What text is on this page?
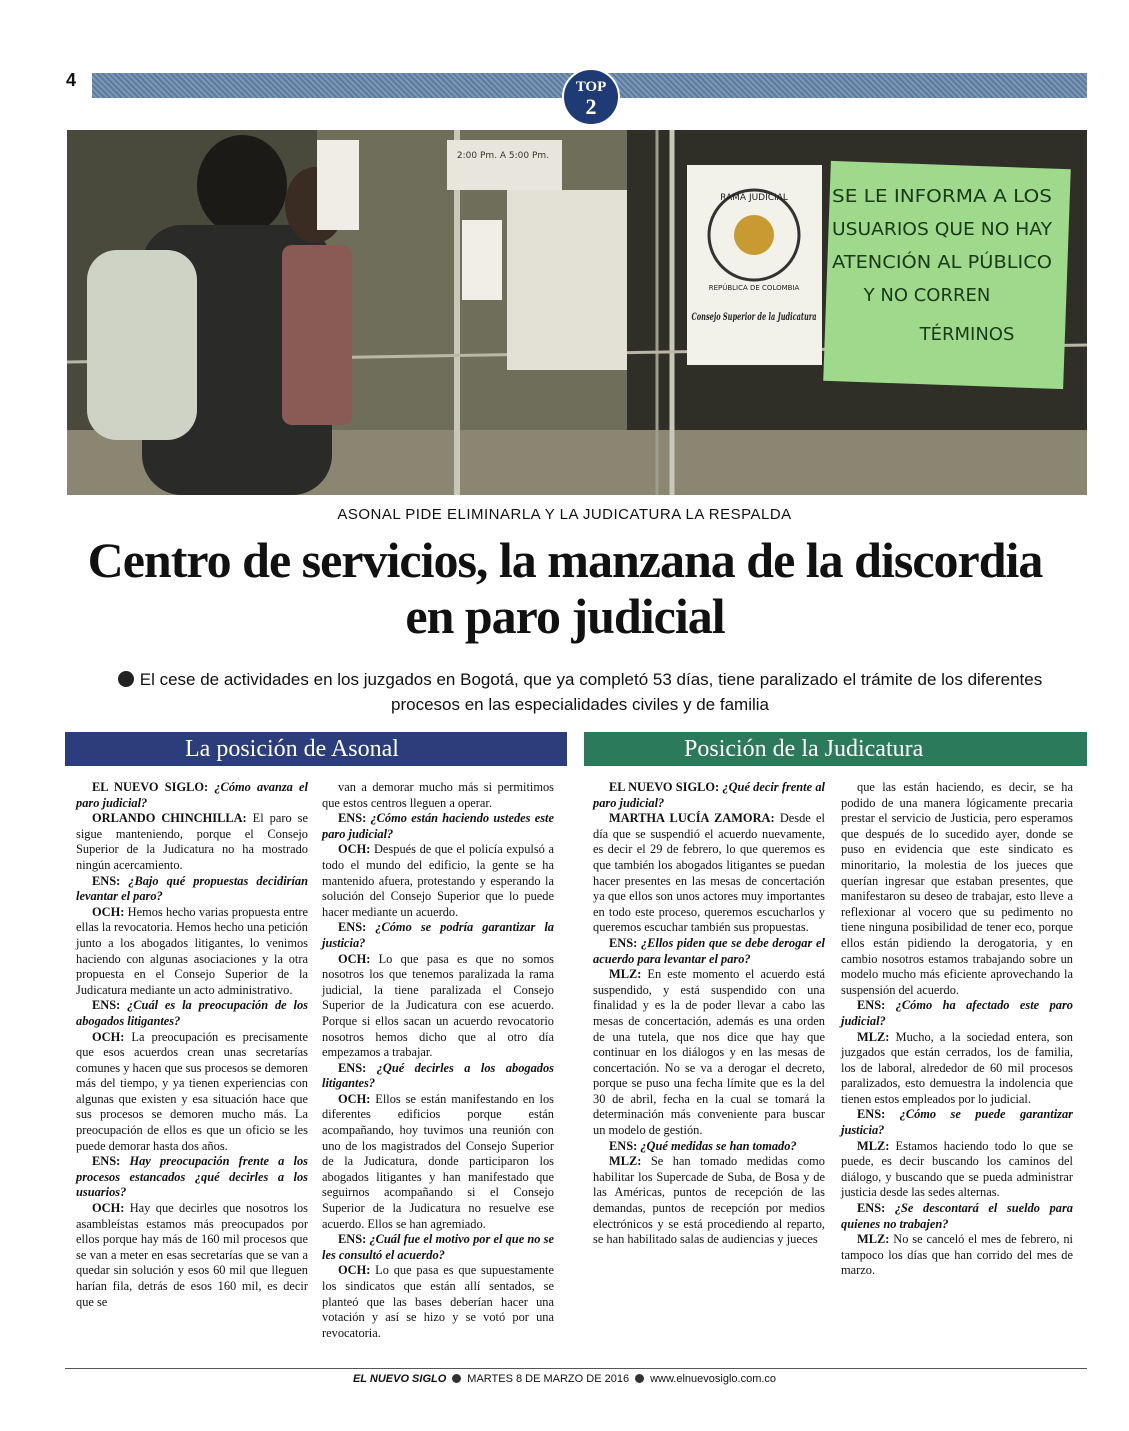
4	TOP
2
RAMA JUDICIAL
REPÚBLICA DE COLOMBIA
Consejo Superior de la Judicatura
SE LE INFORMA A LOS
USUARIOS QUE NO HAY
ATENCIÓN AL PÚBLICO
Y NO CORREN
TÉRMINOS
2:00 Pm. A 5:00 Pm.
ASONAL PIDE ELIMINARLA Y LA JUDICATURA LA RESPALDA
Centro de servicios, la manzana de la discordia en paro judicial
El cese de actividades en los juzgados en Bogotá, que ya completó 53 días, tiene paralizado el trámite de los diferentes procesos en las especialidades civiles y de familia
La posición de Asonal	Posición de la Judicatura

EL NUEVO SIGLO: ¿Cómo avanza el paro judicial?

ORLANDO CHINCHILLA: El paro se sigue manteniendo, porque el Consejo Superior de la Judicatura no ha mostrado ningún acercamiento.

ENS: ¿Bajo qué propuestas decidirían levantar el paro?

OCH: Hemos hecho varias propuesta entre ellas la revocatoria. Hemos hecho una petición junto a los abogados litigantes, lo venimos haciendo con algunas asociaciones y la otra propuesta en el Consejo Superior de la Judicatura mediante un acto administrativo.

ENS: ¿Cuál es la preocupación de los abogados litigantes?

OCH: La preocupación es precisamente que esos acuerdos crean unas secretarías comunes y hacen que sus procesos se demoren más del tiempo, y ya tienen experiencias con algunas que existen y esa situación hace que sus procesos se demoren mucho más. La preocupación de ellos es que un oficio se les puede demorar hasta dos años.

ENS: Hay preocupación frente a los procesos estancados ¿qué decirles a los usuarios?

OCH: Hay que decirles que nosotros los asambleístas estamos más preocupados por ellos porque hay más de 160 mil procesos que se van a meter en esas secretarías que se van a quedar sin solución y esos 60 mil que lleguen harían fila, detrás de esos 160 mil, es decir que se

van a demorar mucho más si permitimos que estos centros lleguen a operar.

ENS: ¿Cómo están haciendo ustedes este paro judicial?

OCH: Después de que el policía expulsó a todo el mundo del edificio, la gente se ha mantenido afuera, protestando y esperando la solución del Consejo Superior que lo puede hacer mediante un acuerdo.

ENS: ¿Cómo se podría garantizar la justicia?

OCH: Lo que pasa es que no somos nosotros los que tenemos paralizada la rama judicial, la tiene paralizada el Consejo Superior de la Judicatura con ese acuerdo. Porque si ellos sacan un acuerdo revocatorio nosotros hemos dicho que al otro día empezamos a trabajar.

ENS: ¿Qué decirles a los abogados litigantes?

OCH: Ellos se están manifestando en los diferentes edificios porque están acompañando, hoy tuvimos una reunión con uno de los magistrados del Consejo Superior de la Judicatura, donde participaron los abogados litigantes y han manifestado que seguirnos acompañando si el Consejo Superior de la Judicatura no resuelve ese acuerdo. Ellos se han agremiado.

ENS: ¿Cuál fue el motivo por el que no se les consultó el acuerdo?

OCH: Lo que pasa es que supuestamente los sindicatos que están allí sentados, se planteó que las bases deberían hacer una votación y así se hizo y se votó por una revocatoria.

EL NUEVO SIGLO: ¿Qué decir frente al paro judicial?

MARTHA LUCÍA ZAMORA: Desde el día que se suspendió el acuerdo nuevamente, es decir el 29 de febrero, lo que queremos es que también los abogados litigantes se puedan hacer presentes en las mesas de concertación ya que ellos son unos actores muy importantes en todo este proceso, queremos escucharlos y queremos escuchar también sus propuestas.

ENS: ¿Ellos piden que se debe derogar el acuerdo para levantar el paro?

MLZ: En este momento el acuerdo está suspendido, y está suspendido con una finalidad y es la de poder llevar a cabo las mesas de concertación, además es una orden de una tutela, que nos dice que hay que continuar en los diálogos y en las mesas de concertación. No se va a derogar el decreto, porque se puso una fecha límite que es la del 30 de abril, fecha en la cual se tomará la determinación más conveniente para buscar un modelo de gestión.

ENS: ¿Qué medidas se han tomado?

MLZ: Se han tomado medidas como habilitar los Supercade de Suba, de Bosa y de las Américas, puntos de recepción de las demandas, puntos de recepción por medios electrónicos y se está procediendo al reparto, se han habilitado salas de audiencias y jueces

que las están haciendo, es decir, se ha podido de una manera lógicamente precaria prestar el servicio de Justicia, pero esperamos que después de lo sucedido ayer, donde se puso en evidencia que este sindicato es minoritario, la molestia de los jueces que querían ingresar que estaban presentes, que manifestaron su deseo de trabajar, esto lleve a reflexionar al vocero que su pedimento no tiene ninguna posibilidad de tener eco, porque ellos están pidiendo la derogatoria, y en cambio nosotros estamos trabajando sobre un modelo mucho más eficiente aprovechando la suspensión del acuerdo.

ENS: ¿Cómo ha afectado este paro judicial?

MLZ: Mucho, a la sociedad entera, son juzgados que están cerrados, los de familia, los de laboral, alrededor de 60 mil procesos paralizados, esto demuestra la indolencia que tienen estos empleados por lo judicial.

ENS: ¿Cómo se puede garantizar justicia?

MLZ: Estamos haciendo todo lo que se puede, es decir buscando los caminos del diálogo, y buscando que se pueda administrar justicia desde las sedes alternas.

ENS: ¿Se descontará el sueldo para quienes no trabajen?

MLZ: No se canceló el mes de febrero, ni tampoco los días que han corrido del mes de marzo.

EL NUEVO SIGLO MARTES 8 DE MARZO DE 2016 www.elnuevosiglo.com.co
